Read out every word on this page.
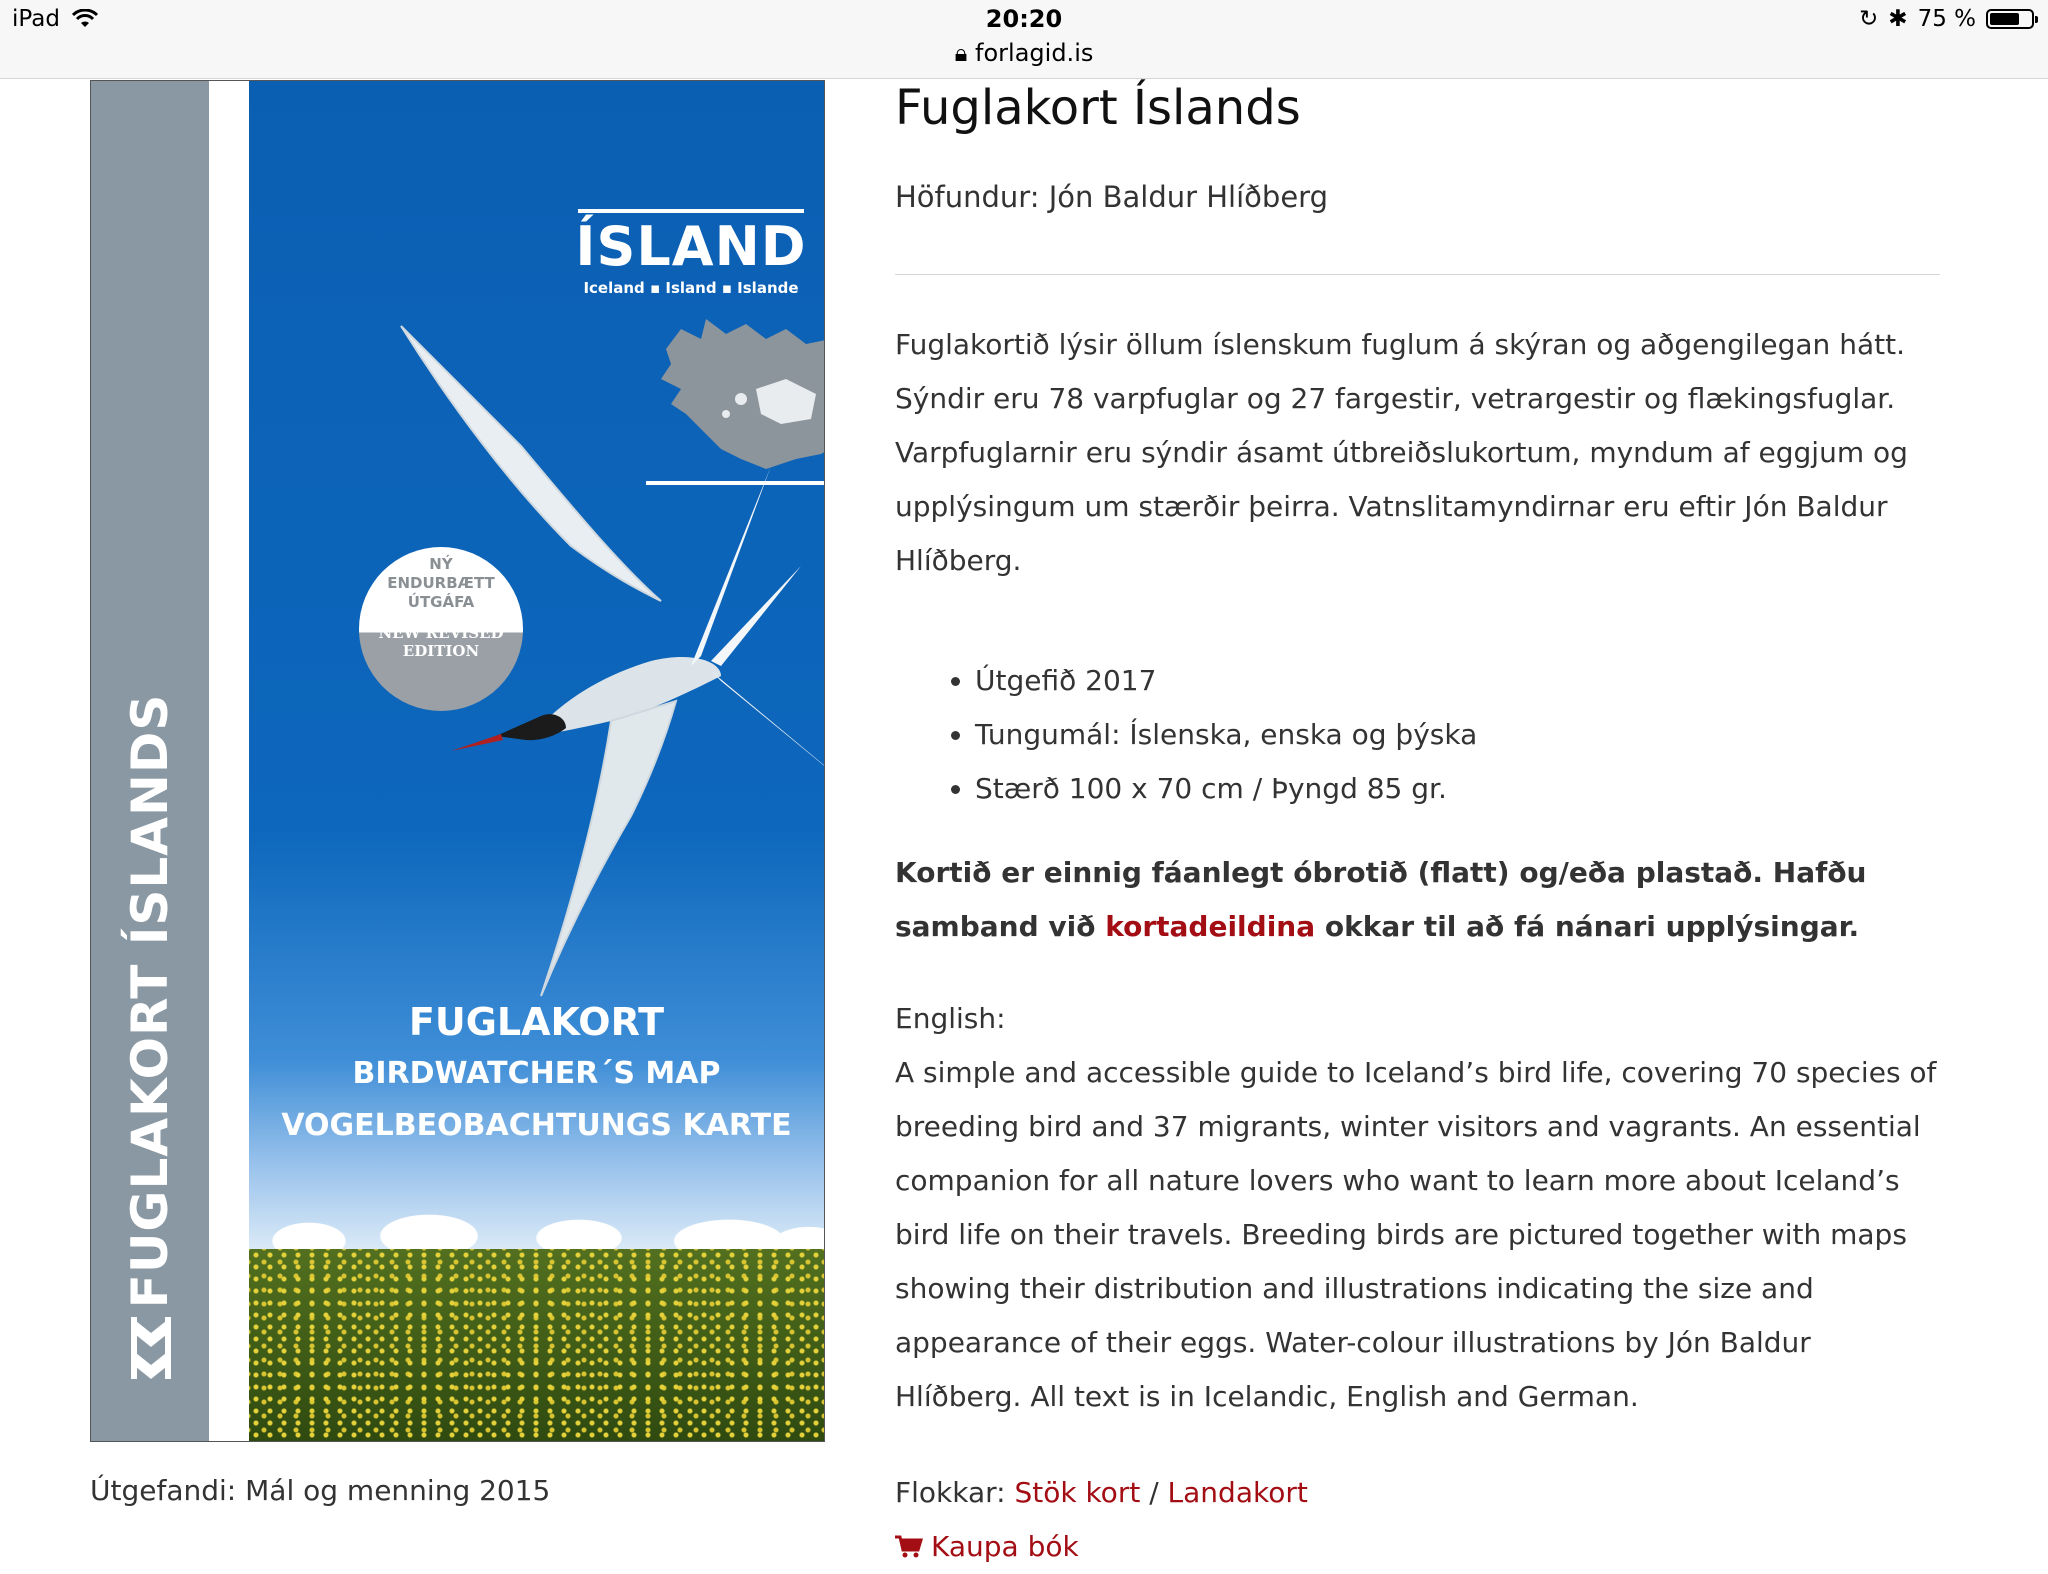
iPad	20:20
🔒︎ forlagid.is
↻ ✱ 75 %
FUGLAKORT ÍSLANDS
ÍSLAND
Iceland ▪ Island ▪ Islande
NÝ
ENDURBÆTT
ÚTGÁFA
NEW REVISED
EDITION
FUGLAKORT
BIRDWATCHER´S MAP
VOGELBEOBACHTUNGS KARTE
Útgefandi: Mál og menning 2015
Fuglakort Íslands
Höfundur: Jón Baldur Hlíðberg

Fuglakortið lýsir öllum íslenskum fuglum á skýran og aðgengilegan hátt. Sýndir eru 78 varpfuglar og 27 fargestir, vetrargestir og flækingsfuglar. Varpfuglarnir eru sýndir ásamt útbreiðslukortum, myndum af eggjum og upplýsingum um stærðir þeirra. Vatnslitamyndirnar eru eftir Jón Baldur Hlíðberg.

• Útgefið 2017
• Tungumál: Íslenska, enska og þýska
• Stærð 100 x 70 cm / Þyngd 85 gr.

Kortið er einnig fáanlegt óbrotið (flatt) og/eða plastað. Hafðu samband við kortadeildina okkar til að fá nánari upplýsingar.

English:
A simple and accessible guide to Iceland’s bird life, covering 70 species of breeding bird and 37 migrants, winter visitors and vagrants. An essential companion for all nature lovers who want to learn more about Iceland’s bird life on their travels. Breeding birds are pictured together with maps showing their distribution and illustrations indicating the size and appearance of their eggs. Water-colour illustrations by Jón Baldur Hlíðberg. All text is in Icelandic, English and German.
Flokkar: Stök kort / Landakort
Kaupa bók
